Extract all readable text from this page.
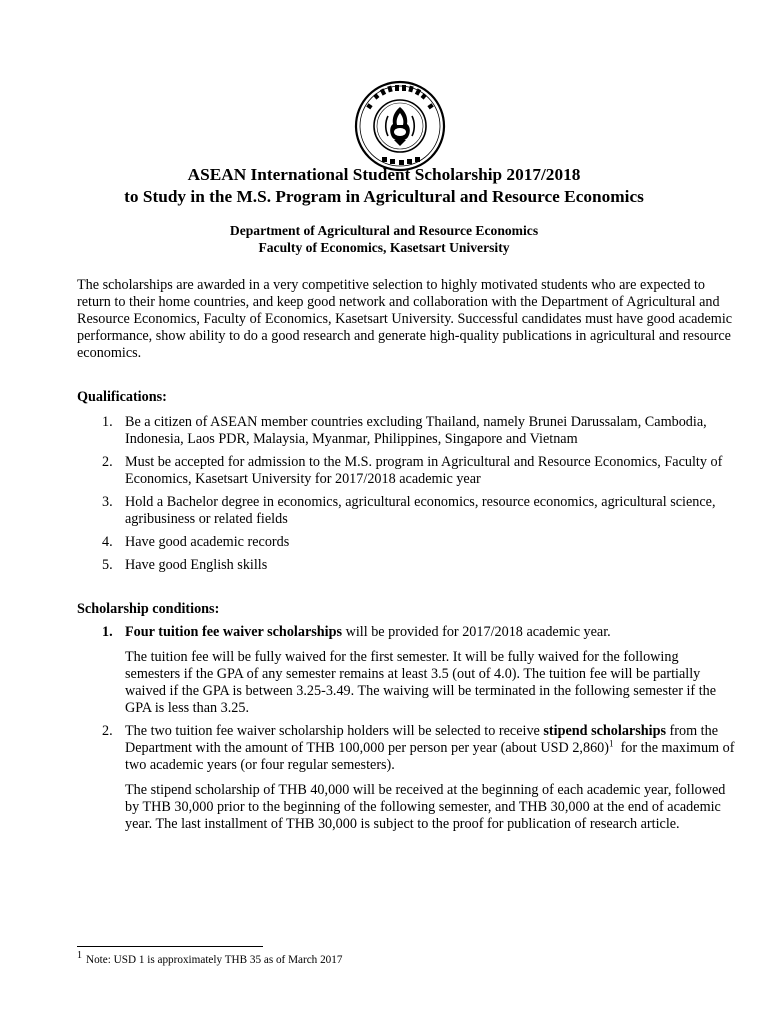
ASEAN International Student Scholarship 2017/2018
to Study in the M.S. Program in Agricultural and Resource Economics
Department of Agricultural and Resource Economics
Faculty of Economics, Kasetsart University
The scholarships are awarded in a very competitive selection to highly motivated students who are expected to return to their home countries, and keep good network and collaboration with the Department of Agricultural and Resource Economics, Faculty of Economics, Kasetsart University. Successful candidates must have good academic performance, show ability to do a good research and generate high-quality publications in agricultural and resource economics.
Qualifications:
1. Be a citizen of ASEAN member countries excluding Thailand, namely Brunei Darussalam, Cambodia, Indonesia, Laos PDR, Malaysia, Myanmar, Philippines, Singapore and Vietnam
2. Must be accepted for admission to the M.S. program in Agricultural and Resource Economics, Faculty of Economics, Kasetsart University for 2017/2018 academic year
3. Hold a Bachelor degree in economics, agricultural economics, resource economics, agricultural science, agribusiness or related fields
4. Have good academic records
5. Have good English skills
Scholarship conditions:
1. Four tuition fee waiver scholarships will be provided for 2017/2018 academic year.

The tuition fee will be fully waived for the first semester. It will be fully waived for the following semesters if the GPA of any semester remains at least 3.5 (out of 4.0). The tuition fee will be partially waived if the GPA is between 3.25-3.49. The waiving will be terminated in the following semester if the GPA is less than 3.25.

2. The two tuition fee waiver scholarship holders will be selected to receive stipend scholarships from the Department with the amount of THB 100,000 per person per year (about USD 2,860)$^1$  for the maximum of two academic years (or four regular semesters).

The stipend scholarship of THB 40,000 will be received at the beginning of each academic year, followed by THB 30,000 prior to the beginning of the following semester, and THB 30,000 at the end of academic year. The last installment of THB 30,000 is subject to the proof for publication of research article.

1 Note: USD 1 is approximately THB 35 as of March 2017
